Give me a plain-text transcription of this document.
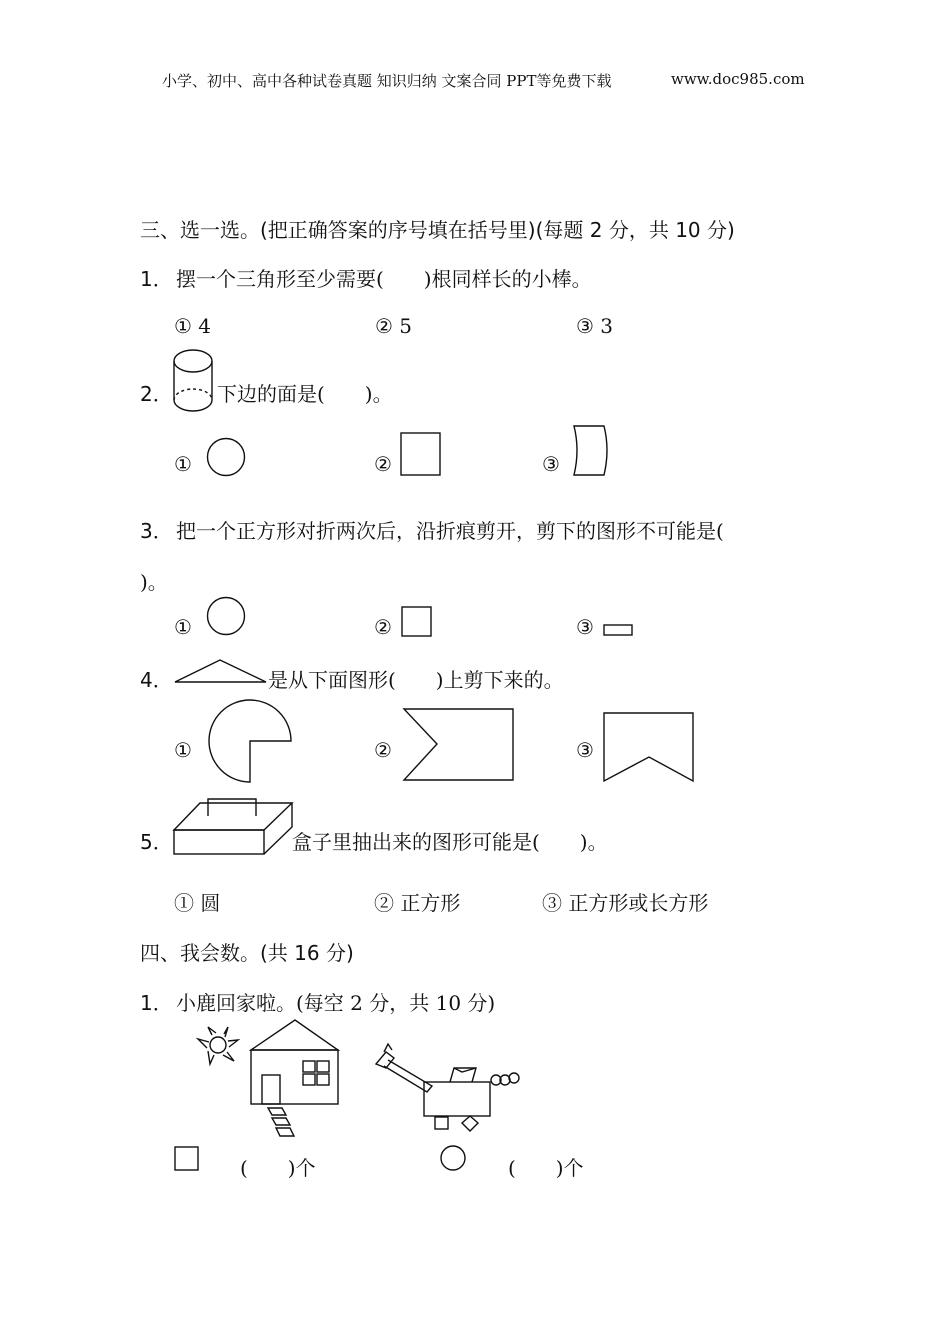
小学、初中、高中各种试卷真题 知识归纳 文案合同 PPT等免费下载	www.doc985.com
三、选一选。(把正确答案的序号填在括号里)(每题 2 分，共 10 分)
1． 摆一个三角形至少需要(　　)根同样长的小棒。
① 4	② 5	③ 3
2． 下边的面是(　　)。
①	②	③
3． 把一个正方形对折两次后，沿折痕剪开，剪下的图形不可能是(
)。
①	②	③
4．	是从下面图形(　　)上剪下来的。
①	②	③
5．	盒子里抽出来的图形可能是(　　)。
① 圆	② 正方形	③ 正方形或长方形
四、我会数。(共 16 分)
1． 小鹿回家啦。(每空 2 分，共 10 分)
(　　)个	(　　)个
